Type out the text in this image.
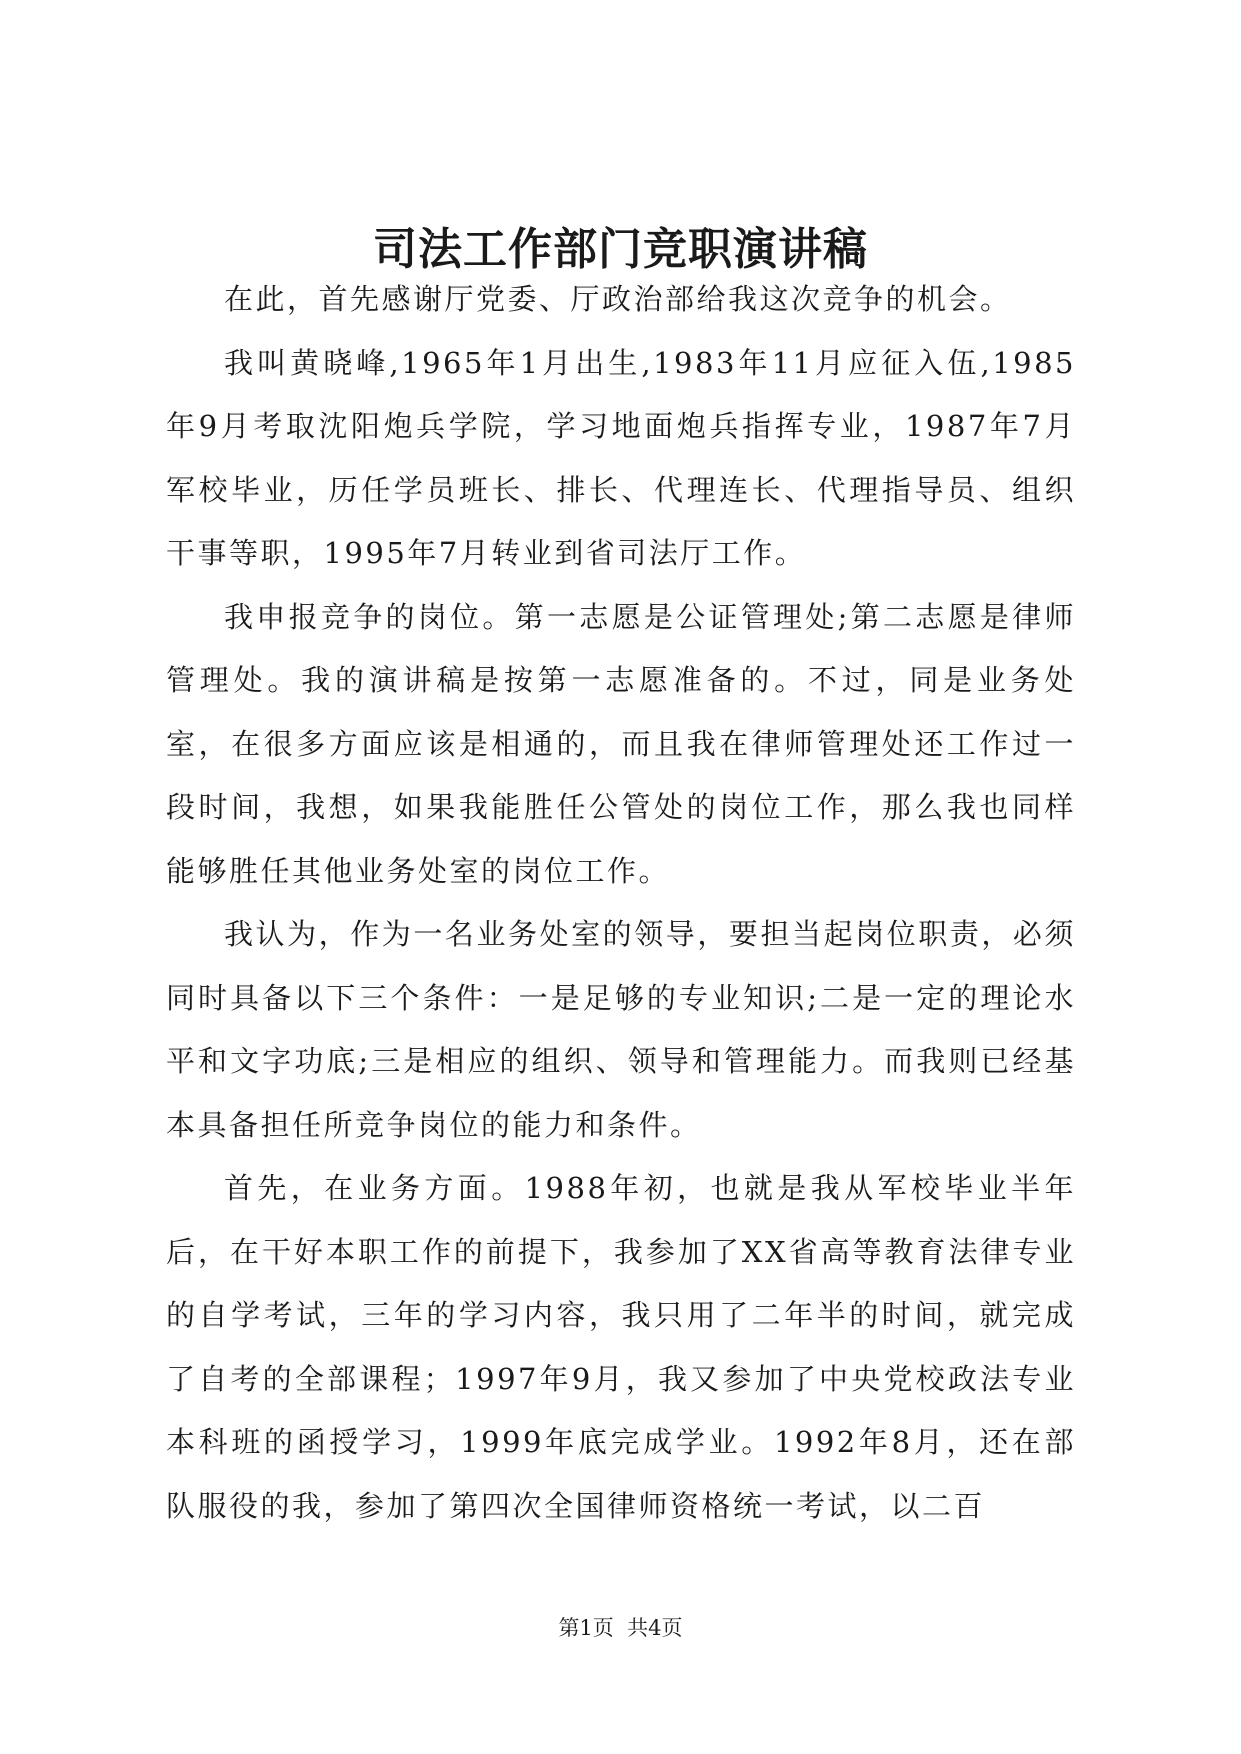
司法工作部门竞职演讲稿

在此，首先感谢厅党委、厅政治部给我这次竞争的机会。

我叫黄晓峰,1965年1月出生,1983年11月应征入伍,1985年9月考取沈阳炮兵学院，学习地面炮兵指挥专业，1987年7月军校毕业，历任学员班长、排长、代理连长、代理指导员、组织干事等职，1995年7月转业到省司法厅工作。

我申报竞争的岗位。第一志愿是公证管理处;第二志愿是律师管理处。我的演讲稿是按第一志愿准备的。不过，同是业务处室，在很多方面应该是相通的，而且我在律师管理处还工作过一段时间，我想，如果我能胜任公管处的岗位工作，那么我也同样能够胜任其他业务处室的岗位工作。

我认为，作为一名业务处室的领导，要担当起岗位职责，必须同时具备以下三个条件：一是足够的专业知识;二是一定的理论水平和文字功底;三是相应的组织、领导和管理能力。而我则已经基本具备担任所竞争岗位的能力和条件。

首先，在业务方面。1988年初，也就是我从军校毕业半年后，在干好本职工作的前提下，我参加了XX省高等教育法律专业的自学考试，三年的学习内容，我只用了二年半的时间，就完成了自考的全部课程；1997年9月，我又参加了中央党校政法专业本科班的函授学习，1999年底完成学业。1992年8月，还在部队服役的我，参加了第四次全国律师资格统一考试，以二百

第1页 共4页
